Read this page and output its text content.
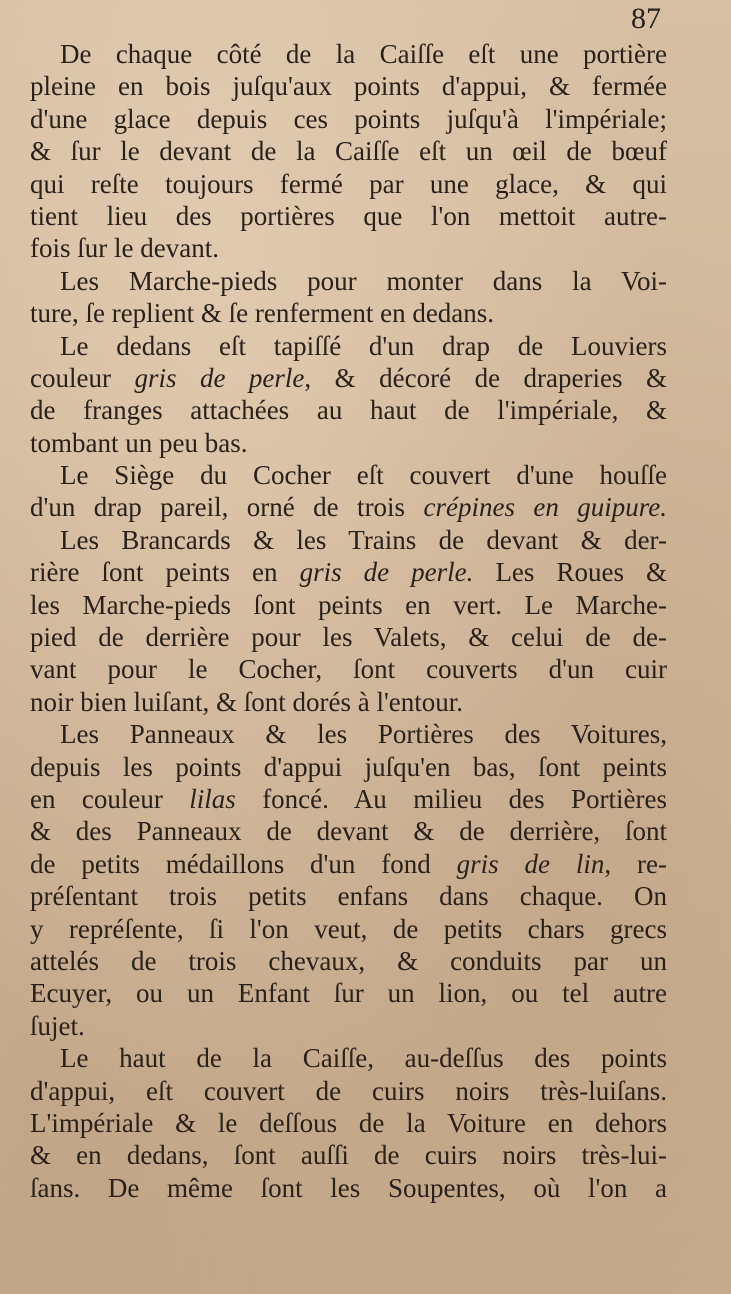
87
De chaque côté de la Caiſſe eſt une portière
pleine en bois juſqu'aux points d'appui, & fermée
d'une glace depuis ces points juſqu'à l'impériale;
& ſur le devant de la Caiſſe eſt un œil de bœuf
qui reſte toujours fermé par une glace, & qui
tient lieu des portières que l'on mettoit autre-
fois ſur le devant.
Les Marche-pieds pour monter dans la Voi-
ture, ſe replient & ſe renferment en dedans.
Le dedans eſt tapiſſé d'un drap de Louviers
couleur gris de perle, & décoré de draperies &
de franges attachées au haut de l'impériale, &
tombant un peu bas.
Le Siège du Cocher eſt couvert d'une houſſe
d'un drap pareil, orné de trois crépines en guipure.
Les Brancards & les Trains de devant & der-
rière ſont peints en gris de perle. Les Roues &
les Marche-pieds ſont peints en vert. Le Marche-
pied de derrière pour les Valets, & celui de de-
vant pour le Cocher, ſont couverts d'un cuir
noir bien luiſant, & ſont dorés à l'entour.
Les Panneaux & les Portières des Voitures,
depuis les points d'appui juſqu'en bas, ſont peints
en couleur lilas foncé. Au milieu des Portières
& des Panneaux de devant & de derrière, ſont
de petits médaillons d'un fond gris de lin, re-
préſentant trois petits enfans dans chaque. On
y repréſente, ſi l'on veut, de petits chars grecs
attelés de trois chevaux, & conduits par un
Ecuyer, ou un Enfant ſur un lion, ou tel autre
ſujet.
Le haut de la Caiſſe, au-deſſus des points
d'appui, eſt couvert de cuirs noirs très-luiſans.
L'impériale & le deſſous de la Voiture en dehors
& en dedans, ſont auſſi de cuirs noirs très-lui-
ſans. De même ſont les Soupentes, où l'on a
